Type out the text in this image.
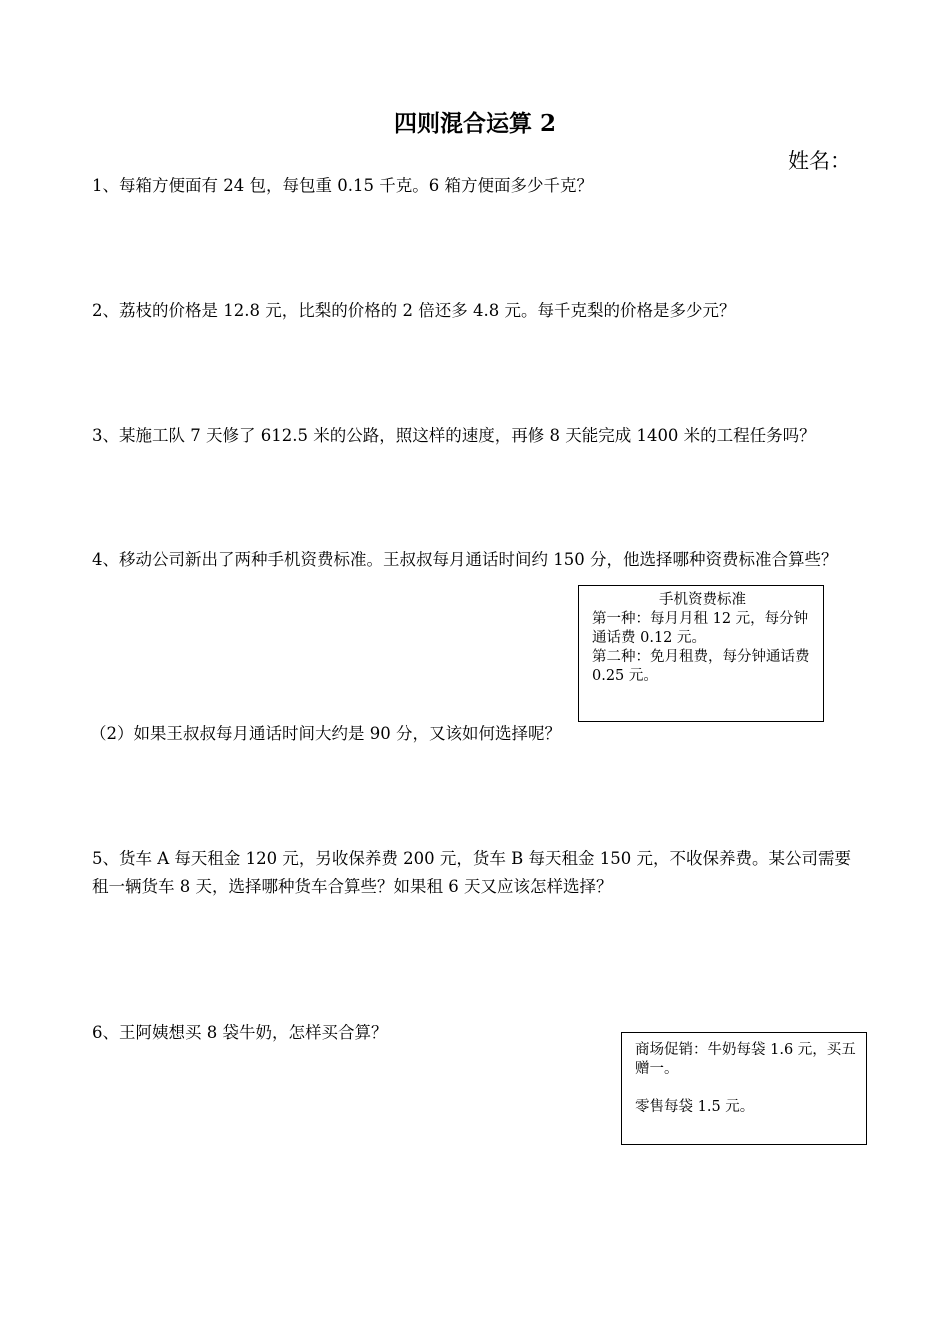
四则混合运算 2
姓名：

1、每箱方便面有 24 包，每包重 0.15 千克。6 箱方便面多少千克？

2、荔枝的价格是 12.8 元，比梨的价格的 2 倍还多 4.8 元。每千克梨的价格是多少元？

3、某施工队 7 天修了 612.5 米的公路，照这样的速度，再修 8 天能完成 1400 米的工程任务吗？

4、移动公司新出了两种手机资费标准。王叔叔每月通话时间约 150 分，他选择哪种资费标准合算些？

手机资费标准
第一种：每月月租 12 元，每分钟通话费 0.12 元。
第二种：免月租费，每分钟通话费 0.25 元。

（2）如果王叔叔每月通话时间大约是 90 分，又该如何选择呢？

5、货车 A 每天租金 120 元，另收保养费 200 元，货车 B 每天租金 150 元，不收保养费。某公司需要租一辆货车 8 天，选择哪种货车合算些？如果租 6 天又应该怎样选择？

6、王阿姨想买 8 袋牛奶，怎样买合算？

商场促销：牛奶每袋 1.6 元，买五赠一。

零售每袋 1.5 元。
